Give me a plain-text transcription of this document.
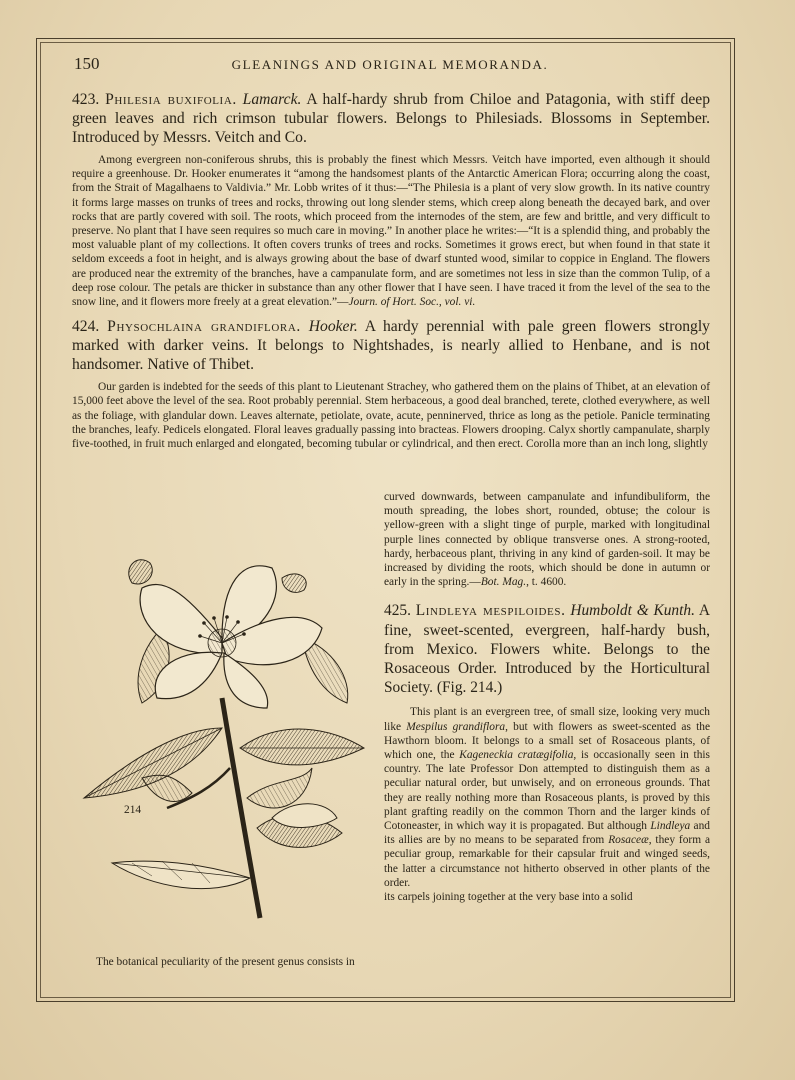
150	GLEANINGS AND ORIGINAL MEMORANDA.

423. Philesia buxifolia. Lamarck. A half-hardy shrub from Chiloe and Patagonia, with stiff deep green leaves and rich crimson tubular flowers. Belongs to Philesiads. Blossoms in September. Introduced by Messrs. Veitch and Co.

Among evergreen non-coniferous shrubs, this is probably the finest which Messrs. Veitch have imported, even although it should require a greenhouse. Dr. Hooker enumerates it “among the handsomest plants of the Antarctic American Flora; occurring along the coast, from the Strait of Magalhaens to Valdivia.” Mr. Lobb writes of it thus:—“The Philesia is a plant of very slow growth. In its native country it forms large masses on trunks of trees and rocks, throwing out long slender stems, which creep along beneath the decayed bark, and over rocks that are partly covered with soil. The roots, which proceed from the internodes of the stem, are few and brittle, and very difficult to preserve. No plant that I have seen requires so much care in moving.” In another place he writes:—“It is a splendid thing, and probably the most valuable plant of my collections. It often covers trunks of trees and rocks. Sometimes it grows erect, but when found in that state it seldom exceeds a foot in height, and is always growing about the base of dwarf stunted wood, similar to coppice in England. The flowers are produced near the extremity of the branches, have a campanulate form, and are sometimes not less in size than the common Tulip, of a deep rose colour. The petals are thicker in substance than any other flower that I have seen. I have traced it from the level of the sea to the snow line, and it flowers more freely at a great elevation.”—Journ. of Hort. Soc., vol. vi.

424. Physochlaina grandiflora. Hooker. A hardy perennial with pale green flowers strongly marked with darker veins. It belongs to Nightshades, is nearly allied to Henbane, and is not handsomer. Native of Thibet.

Our garden is indebted for the seeds of this plant to Lieutenant Strachey, who gathered them on the plains of Thibet, at an elevation of 15,000 feet above the level of the sea. Root probably perennial. Stem herbaceous, a good deal branched, terete, clothed everywhere, as well as the foliage, with glandular down. Leaves alternate, petiolate, ovate, acute, penninerved, thrice as long as the petiole. Panicle terminating the branches, leafy. Pedicels elongated. Floral leaves gradually passing into bracteas. Flowers drooping. Calyx shortly campanulate, sharply five-toothed, in fruit much enlarged and elongated, becoming tubular or cylindrical, and then erect. Corolla more than an inch long, slightly

214

curved downwards, between campanulate and infundibuliform, the mouth spreading, the lobes short, rounded, obtuse; the colour is yellow-green with a slight tinge of purple, marked with longitudinal purple lines connected by oblique transverse ones. A strong-rooted, hardy, herbaceous plant, thriving in any kind of garden-soil. It may be increased by dividing the roots, which should be done in autumn or early in the spring.—Bot. Mag., t. 4600.

425. Lindleya mespiloides. Humboldt & Kunth. A fine, sweet-scented, evergreen, half-hardy bush, from Mexico. Flowers white. Belongs to the Rosaceous Order. Introduced by the Horticultural Society. (Fig. 214.)

This plant is an evergreen tree, of small size, looking very much like Mespilus grandiflora, but with flowers as sweet-scented as the Hawthorn bloom. It belongs to a small set of Rosaceous plants, of which one, the Kageneckia cratægifolia, is occasionally seen in this country. The late Professor Don attempted to distinguish them as a peculiar natural order, but unwisely, and on erroneous grounds. That they are really nothing more than Rosaceous plants, is proved by this plant grafting readily on the common Thorn and the larger kinds of Cotoneaster, in which way it is propagated. But although Lindleya and its allies are by no means to be separated from Rosaceæ, they form a peculiar group, remarkable for their capsular fruit and winged seeds, the latter a circumstance not hitherto observed in other plants of the order.

its carpels joining together at the very base into a solid

The botanical peculiarity of the present genus consists in
